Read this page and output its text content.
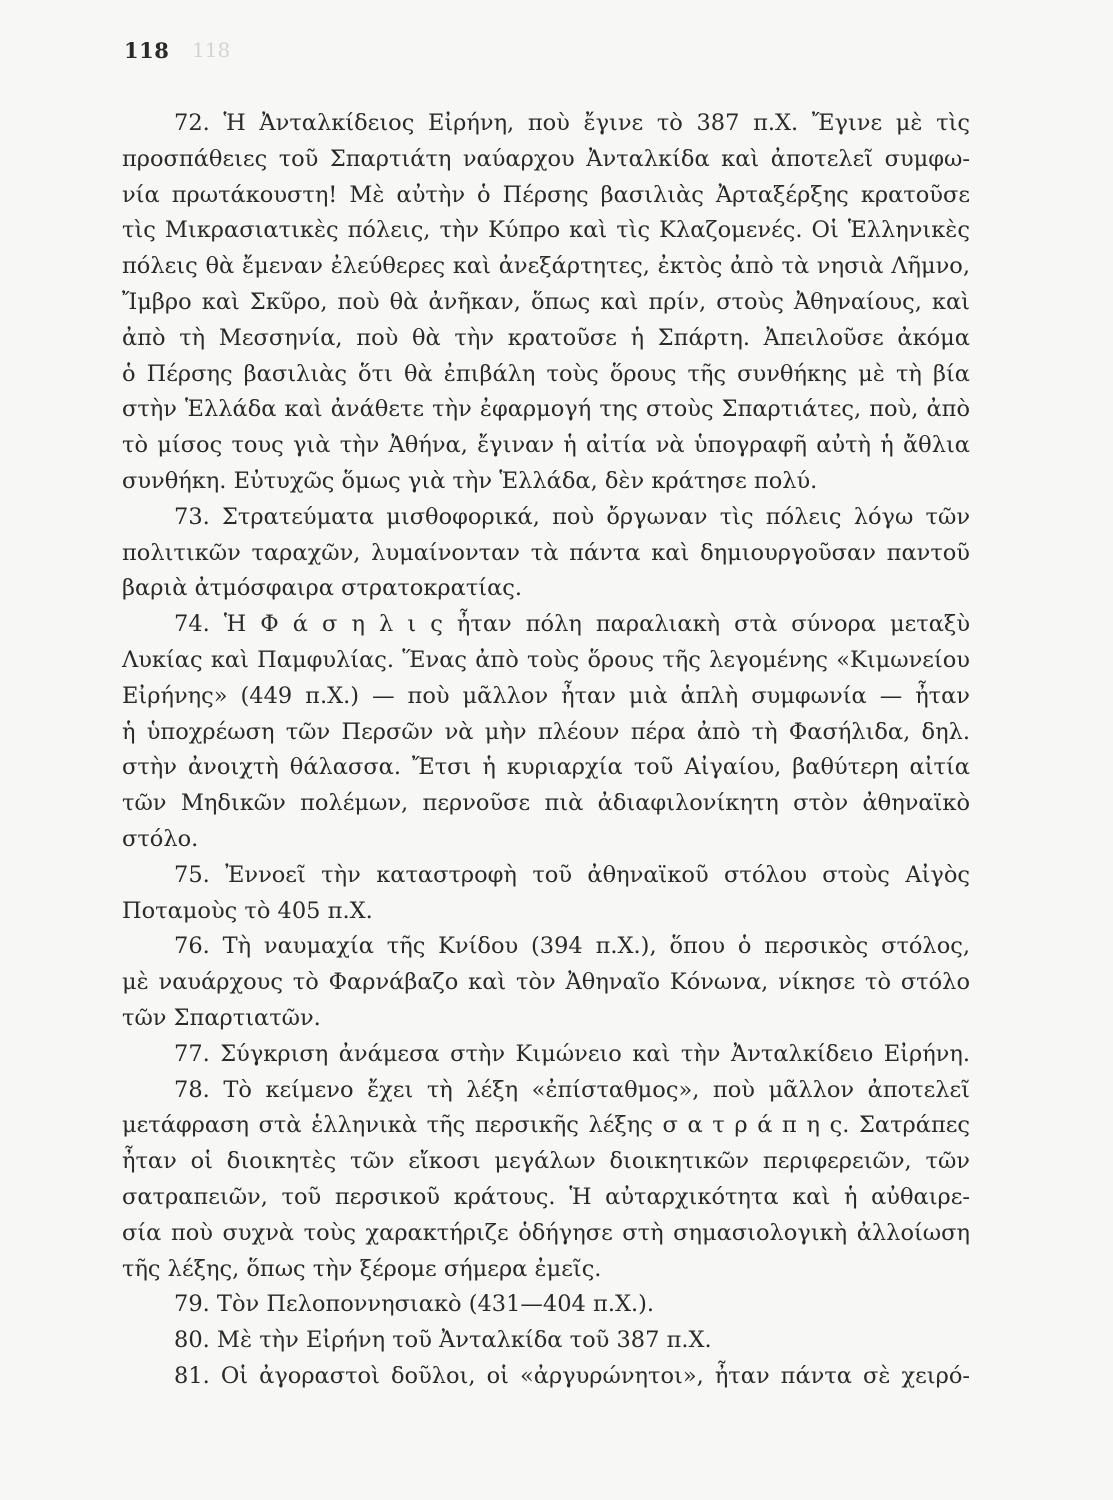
118 118
72. Ἡ Ἀνταλκίδειος Εἰρήνη, ποὺ ἔγινε τὸ 387 π.Χ. Ἔγινε μὲ τὶς
προσπάθειες τοῦ Σπαρτιάτη ναύαρχου Ἀνταλκίδα καὶ ἀποτελεῖ συμφω-
νία πρωτάκουστη! Μὲ αὐτὴν ὁ Πέρσης βασιλιὰς Ἀρταξέρξης κρατοῦσε
τὶς Μικρασιατικὲς πόλεις, τὴν Κύπρο καὶ τὶς Κλαζομενές. Οἱ Ἑλληνικὲς
πόλεις θὰ ἔμεναν ἐλεύθερες καὶ ἀνεξάρτητες, ἐκτὸς ἀπὸ τὰ νησιὰ Λῆμνο,
Ἴμβρο καὶ Σκῦρο, ποὺ θὰ ἀνῆκαν, ὅπως καὶ πρίν, στοὺς Ἀθηναίους, καὶ
ἀπὸ τὴ Μεσσηνία, ποὺ θὰ τὴν κρατοῦσε ἡ Σπάρτη. Ἀπειλοῦσε ἀκόμα
ὁ Πέρσης βασιλιὰς ὅτι θὰ ἐπιβάλη τοὺς ὅρους τῆς συνθήκης μὲ τὴ βία
στὴν Ἑλλάδα καὶ ἀνάθετε τὴν ἐφαρμογή της στοὺς Σπαρτιάτες, ποὺ, ἀπὸ
τὸ μίσος τους γιὰ τὴν Ἀθήνα, ἔγιναν ἡ αἰτία νὰ ὑπογραφῆ αὐτὴ ἡ ἄθλια
συνθήκη. Εὐτυχῶς ὅμως γιὰ τὴν Ἑλλάδα, δὲν κράτησε πολύ.
73. Στρατεύματα μισθοφορικά, ποὺ ὄργωναν τὶς πόλεις λόγω τῶν
πολιτικῶν ταραχῶν, λυμαίνονταν τὰ πάντα καὶ δημιουργοῦσαν παντοῦ
βαριὰ ἀτμόσφαιρα στρατοκρατίας.
74. Ἡ Φ ά σ η λ ι ς ἦταν πόλη παραλιακὴ στὰ σύνορα μεταξὺ
Λυκίας καὶ Παμφυλίας. Ἕνας ἀπὸ τοὺς ὅρους τῆς λεγομένης «Κιμωνείου
Εἰρήνης» (449 π.Χ.) — ποὺ μᾶλλον ἦταν μιὰ ἁπλὴ συμφωνία — ἦταν
ἡ ὑποχρέωση τῶν Περσῶν νὰ μὴν πλέουν πέρα ἀπὸ τὴ Φασήλιδα, δηλ.
στὴν ἀνοιχτὴ θάλασσα. Ἔτσι ἡ κυριαρχία τοῦ Αἰγαίου, βαθύτερη αἰτία
τῶν Μηδικῶν πολέμων, περνοῦσε πιὰ ἀδιαφιλονίκητη στὸν ἀθηναϊκὸ
στόλο.
75. Ἐννοεῖ τὴν καταστροφὴ τοῦ ἀθηναϊκοῦ στόλου στοὺς Αἰγὸς
Ποταμοὺς τὸ 405 π.Χ.
76. Τὴ ναυμαχία τῆς Κνίδου (394 π.Χ.), ὅπου ὁ περσικὸς στόλος,
μὲ ναυάρχους τὸ Φαρνάβαζο καὶ τὸν Ἀθηναῖο Κόνωνα, νίκησε τὸ στόλο
τῶν Σπαρτιατῶν.
77. Σύγκριση ἀνάμεσα στὴν Κιμώνειο καὶ τὴν Ἀνταλκίδειο Εἰρήνη.
78. Τὸ κείμενο ἔχει τὴ λέξη «ἐπίσταθμος», ποὺ μᾶλλον ἀποτελεῖ
μετάφραση στὰ ἑλληνικὰ τῆς περσικῆς λέξης σ α τ ρ ά π η ς. Σατράπες
ἦταν οἱ διοικητὲς τῶν εἴκοσι μεγάλων διοικητικῶν περιφερειῶν, τῶν
σατραπειῶν, τοῦ περσικοῦ κράτους. Ἡ αὐταρχικότητα καὶ ἡ αὐθαιρε-
σία ποὺ συχνὰ τοὺς χαρακτήριζε ὁδήγησε στὴ σημασιολογικὴ ἀλλοίωση
τῆς λέξης, ὅπως τὴν ξέρομε σήμερα ἐμεῖς.
79. Τὸν Πελοποννησιακὸ (431—404 π.Χ.).
80. Μὲ τὴν Εἰρήνη τοῦ Ἀνταλκίδα τοῦ 387 π.Χ.
81. Οἱ ἀγοραστοὶ δοῦλοι, οἱ «ἀργυρώνητοι», ἦταν πάντα σὲ χειρό-
